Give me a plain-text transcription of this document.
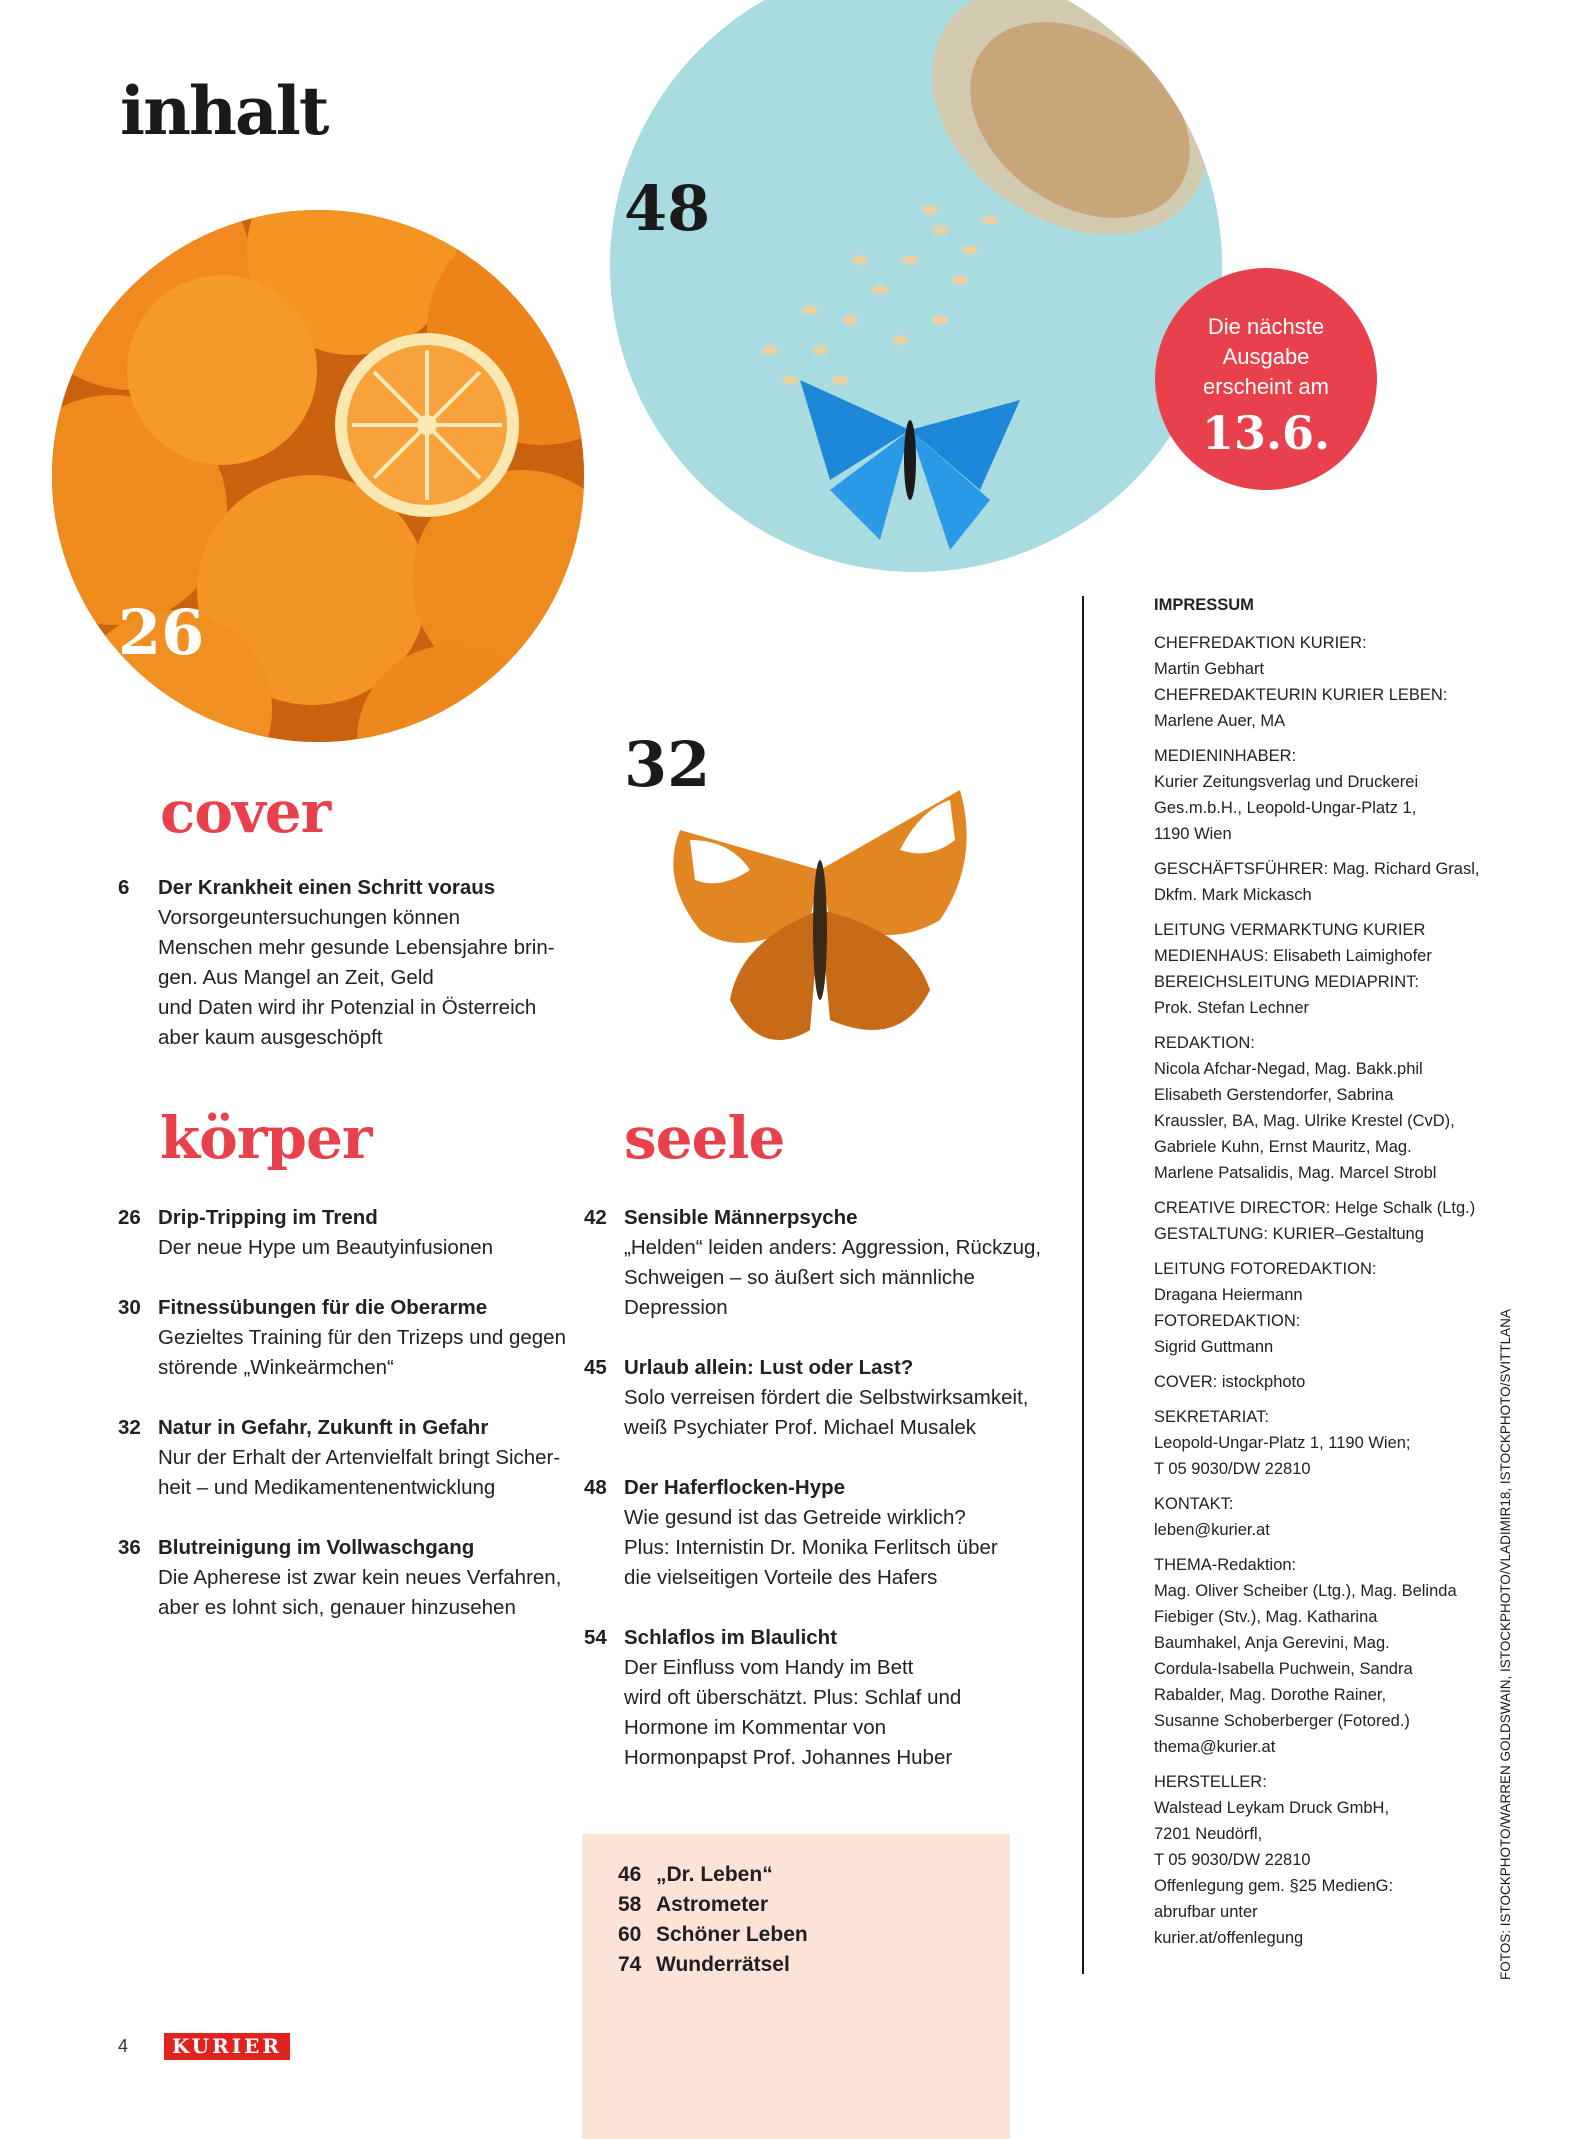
inhalt
26
48
Die nächste
Ausgabe
erscheint am
13.6.
32
cover
6	Der Krankheit einen Schritt voraus
Vorsorgeuntersuchungen können
Menschen mehr gesunde Lebensjahre brin-
gen. Aus Mangel an Zeit, Geld
und Daten wird ihr Potenzial in Österreich
aber kaum ausgeschöpft
körper
26 Drip-Tripping im Trend
Der neue Hype um Beautyinfusionen
30 Fitnessübungen für die Oberarme
Gezieltes Training für den Trizeps und gegen
störende „Winkeärmchen“
32 Natur in Gefahr, Zukunft in Gefahr
Nur der Erhalt der Artenvielfalt bringt Sicher-
heit – und Medikamentenentwicklung
36 Blutreinigung im Vollwaschgang
Die Apherese ist zwar kein neues Verfahren,
aber es lohnt sich, genauer hinzusehen
seele
42 Sensible Männerpsyche
„Helden“ leiden anders: Aggression, Rückzug,
Schweigen – so äußert sich männliche
Depression
45 Urlaub allein: Lust oder Last?
Solo verreisen fördert die Selbstwirksamkeit,
weiß Psychiater Prof. Michael Musalek
48 Der Haferflocken-Hype
Wie gesund ist das Getreide wirklich?
Plus: Internistin Dr. Monika Ferlitsch über
die vielseitigen Vorteile des Hafers
54 Schlaflos im Blaulicht
Der Einfluss vom Handy im Bett
wird oft überschätzt. Plus: Schlaf und
Hormone im Kommentar von
Hormonpapst Prof. Johannes Huber
46 „Dr. Leben“
58 Astrometer
60 Schöner Leben
74 Wunderrätsel
IMPRESSUM
CHEFREDAKTION KURIER:
Martin Gebhart
CHEFREDAKTEURIN KURIER LEBEN:
Marlene Auer, MA
MEDIENINHABER:
Kurier Zeitungsverlag und Druckerei
Ges.m.b.H., Leopold-Ungar-Platz 1,
1190 Wien
GESCHÄFTSFÜHRER: Mag. Richard Grasl,
Dkfm. Mark Mickasch
LEITUNG VERMARKTUNG KURIER
MEDIENHAUS: Elisabeth Laimighofer
BEREICHSLEITUNG MEDIAPRINT:
Prok. Stefan Lechner
REDAKTION:
Nicola Afchar-Negad, Mag. Bakk.phil
Elisabeth Gerstendorfer, Sabrina
Kraussler, BA, Mag. Ulrike Krestel (CvD),
Gabriele Kuhn, Ernst Mauritz, Mag.
Marlene Patsalidis, Mag. Marcel Strobl
CREATIVE DIRECTOR: Helge Schalk (Ltg.)
GESTALTUNG: KURIER–Gestaltung
LEITUNG FOTOREDAKTION:
Dragana Heiermann
FOTOREDAKTION:
Sigrid Guttmann
COVER: istockphoto
SEKRETARIAT:
Leopold-Ungar-Platz 1, 1190 Wien;
T 05 9030/DW 22810
KONTAKT:
leben@kurier.at
THEMA-Redaktion:
Mag. Oliver Scheiber (Ltg.), Mag. Belinda
Fiebiger (Stv.), Mag. Katharina
Baumhakel, Anja Gerevini, Mag.
Cordula-Isabella Puchwein, Sandra
Rabalder, Mag. Dorothe Rainer,
Susanne Schoberberger (Fotored.)
thema@kurier.at
HERSTELLER:
Walstead Leykam Druck GmbH,
7201 Neudörfl,
T 05 9030/DW 22810
Offenlegung gem. §25 MedienG:
abrufbar unter
kurier.at/offenlegung	FOTOS: ISTOCKPHOTO/WARREN GOLDSWAIN, ISTOCKPHOTO/VLADIMIR18, ISTOCKPHOTO/SVITTLANA
4	KURIER
